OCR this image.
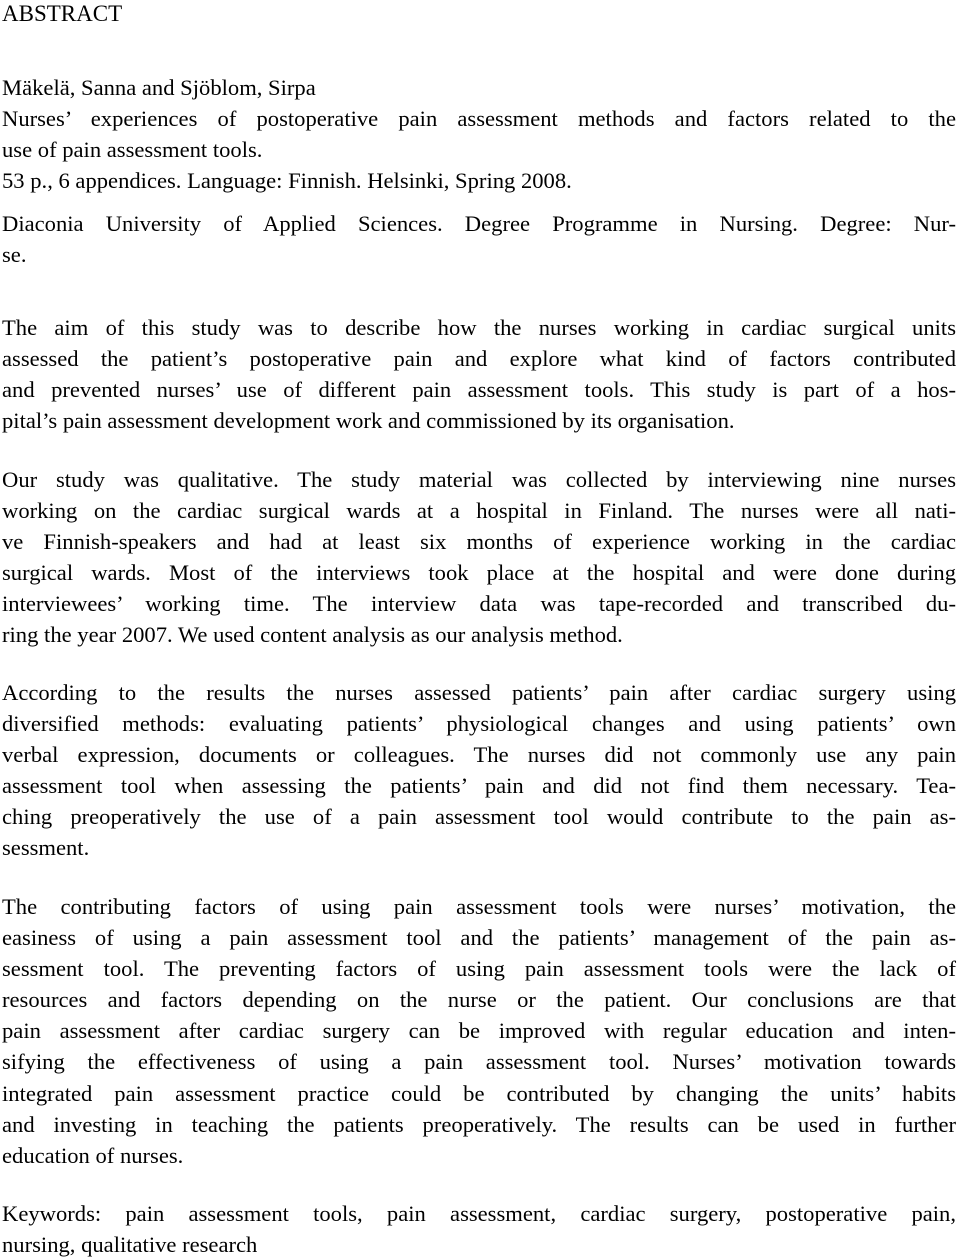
ABSTRACT
Mäkelä, Sanna and Sjöblom, Sirpa
Nurses’ experiences of postoperative pain assessment methods and factors related to the
use of pain assessment tools.
53 p., 6 appendices. Language: Finnish. Helsinki, Spring 2008.
Diaconia University of Applied Sciences. Degree Programme in Nursing. Degree: Nur-
se.
The aim of this study was to describe how the nurses working in cardiac surgical units
assessed the patient’s postoperative pain and explore what kind of factors contributed
and prevented nurses’ use of different pain assessment tools. This study is part of a hos-
pital’s pain assessment development work and commissioned by its organisation.
Our study was qualitative. The study material was collected by interviewing nine nurses
working on the cardiac surgical wards at a hospital in Finland. The nurses were all nati-
ve Finnish-speakers and had at least six months of experience working in the cardiac
surgical wards. Most of the interviews took place at the hospital and were done during
interviewees’ working time. The interview data was tape-recorded and transcribed du-
ring the year 2007. We used content analysis as our analysis method.
According to the results the nurses assessed patients’ pain after cardiac surgery using
diversified methods: evaluating patients’ physiological changes and using patients’ own
verbal expression, documents or colleagues. The nurses did not commonly use any pain
assessment tool when assessing the patients’ pain and did not find them necessary. Tea-
ching preoperatively the use of a pain assessment tool would contribute to the pain as-
sessment.
The contributing factors of using pain assessment tools were nurses’ motivation, the
easiness of using a pain assessment tool and the patients’ management of the pain as-
sessment tool. The preventing factors of using pain assessment tools were the lack of
resources and factors depending on the nurse or the patient. Our conclusions are that
pain assessment after cardiac surgery can be improved with regular education and inten-
sifying the effectiveness of using a pain assessment tool. Nurses’ motivation towards
integrated pain assessment practice could be contributed by changing the units’ habits
and investing in teaching the patients preoperatively. The results can be used in further
education of nurses.
Keywords: pain assessment tools, pain assessment, cardiac surgery, postoperative pain,
nursing, qualitative research
